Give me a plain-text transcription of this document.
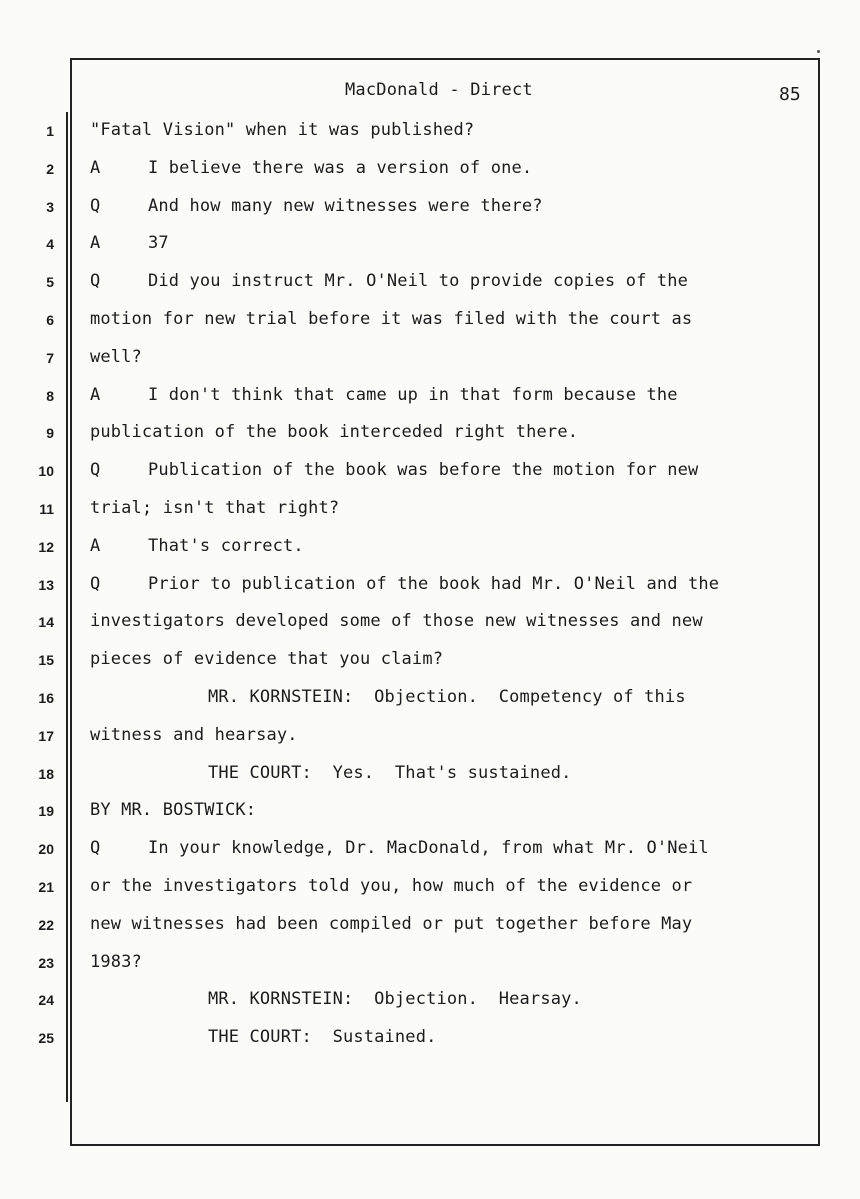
MacDonald - Direct	85
1 "Fatal Vision" when it was published?
2 A	I believe there was a version of one.
3 Q	And how many new witnesses were there?
4 A	37
5 Q	Did you instruct Mr. O'Neil to provide copies of the
6 motion for new trial before it was filed with the court as
7 well?
8 A	I don't think that came up in that form because the
9 publication of the book interceded right there.
10 Q	Publication of the book was before the motion for new
11 trial; isn't that right?
12 A	That's correct.
13 Q	Prior to publication of the book had Mr. O'Neil and the
14 investigators developed some of those new witnesses and new
15 pieces of evidence that you claim?
16	MR. KORNSTEIN:  Objection.  Competency of this
17 witness and hearsay.
18	THE COURT:  Yes.  That's sustained.
19 BY MR. BOSTWICK:
20 Q	In your knowledge, Dr. MacDonald, from what Mr. O'Neil
21 or the investigators told you, how much of the evidence or
22 new witnesses had been compiled or put together before May
23 1983?
24	MR. KORNSTEIN:  Objection.  Hearsay.
25	THE COURT:  Sustained.
